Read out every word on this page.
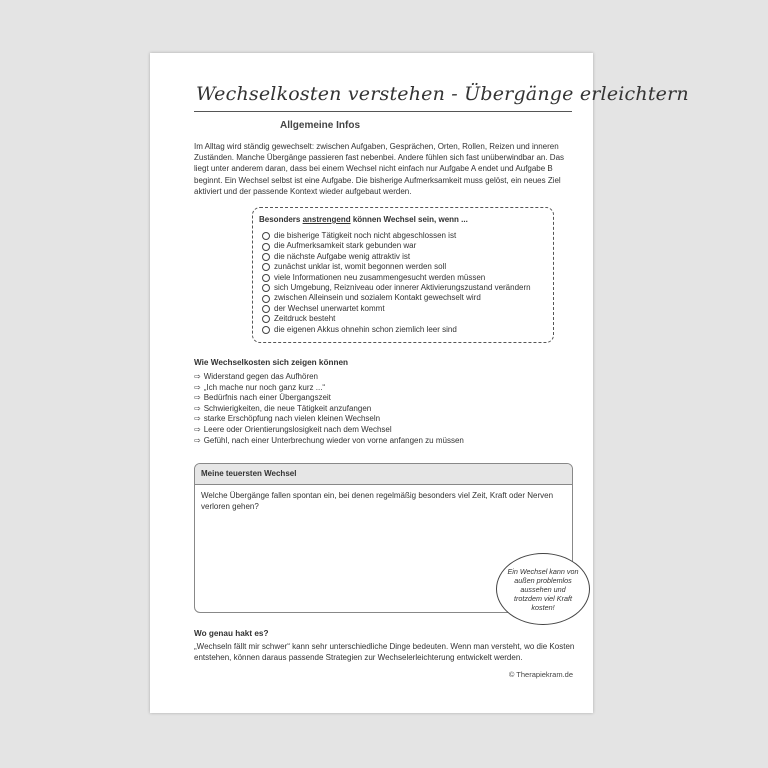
Wechselkosten verstehen - Übergänge erleichtern
Allgemeine Infos
Im Alltag wird ständig gewechselt: zwischen Aufgaben, Gesprächen, Orten, Rollen, Reizen und inneren Zuständen. Manche Übergänge passieren fast nebenbei. Andere fühlen sich fast unüberwindbar an. Das liegt unter anderem daran, dass bei einem Wechsel nicht einfach nur Aufgabe A endet und Aufgabe B beginnt. Ein Wechsel selbst ist eine Aufgabe. Die bisherige Aufmerksamkeit muss gelöst, ein neues Ziel aktiviert und der passende Kontext wieder aufgebaut werden.
Besonders anstrengend können Wechsel sein, wenn ...
die bisherige Tätigkeit noch nicht abgeschlossen ist
die Aufmerksamkeit stark gebunden war
die nächste Aufgabe wenig attraktiv ist
zunächst unklar ist, womit begonnen werden soll
viele Informationen neu zusammengesucht werden müssen
sich Umgebung, Reizniveau oder innerer Aktivierungszustand verändern
zwischen Alleinsein und sozialem Kontakt gewechselt wird
der Wechsel unerwartet kommt
Zeitdruck besteht
die eigenen Akkus ohnehin schon ziemlich leer sind
Wie Wechselkosten sich zeigen können
⇨ Widerstand gegen das Aufhören
⇨ „Ich mache nur noch ganz kurz ...“
⇨ Bedürfnis nach einer Übergangszeit
⇨ Schwierigkeiten, die neue Tätigkeit anzufangen
⇨ starke Erschöpfung nach vielen kleinen Wechseln
⇨ Leere oder Orientierungslosigkeit nach dem Wechsel
⇨ Gefühl, nach einer Unterbrechung wieder von vorne anfangen zu müssen
Meine teuersten Wechsel
Welche Übergänge fallen spontan ein, bei denen regelmäßig besonders viel Zeit, Kraft oder Nerven verloren gehen?
Ein Wechsel kann von außen problemlos aussehen und trotzdem viel Kraft kosten!
Wo genau hakt es?
„Wechseln fällt mir schwer“ kann sehr unterschiedliche Dinge bedeuten. Wenn man versteht, wo die Kosten entstehen, können daraus passende Strategien zur Wechselerleichterung entwickelt werden.
© Therapiekram.de
